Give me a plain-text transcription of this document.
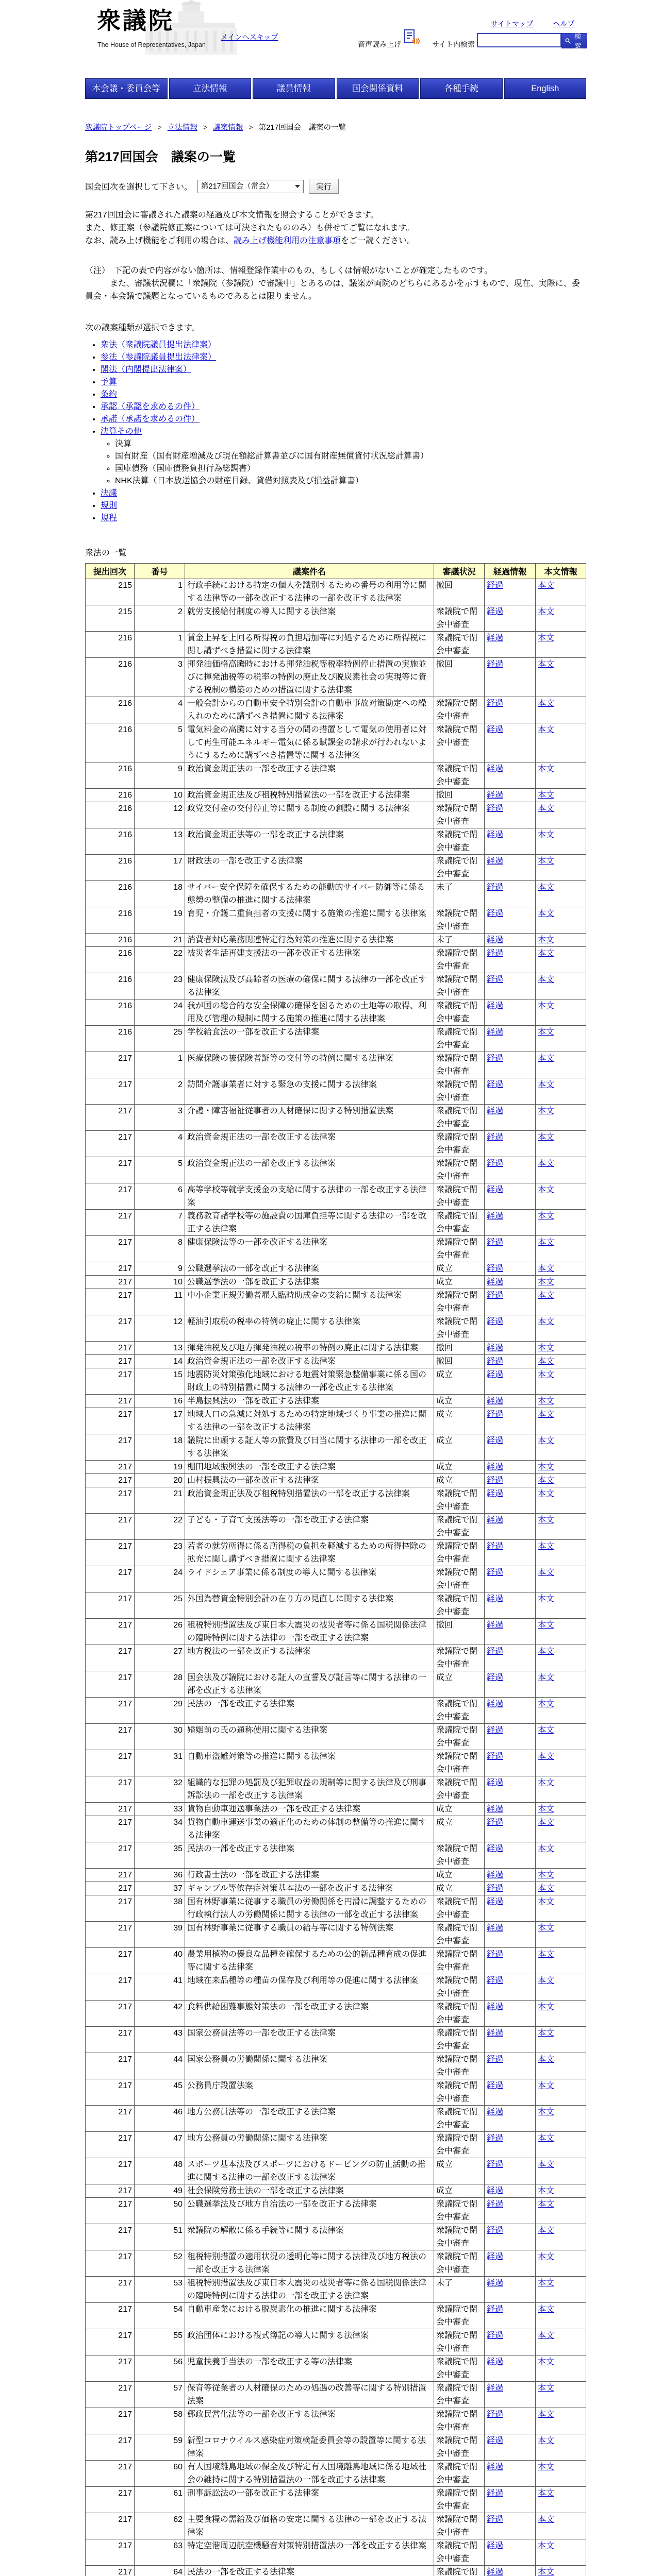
衆議院
The House of Representatives, Japan
メインへスキップ
サイトマップ	ヘルプ
音声読み上げ	サイト内検索
検索
本会議・委員会等	立法情報	議員情報	国会関係資料	各種手続	English
衆議院トップページ > 立法情報 > 議案情報 > 第217回国会　議案の一覧
第217回国会　議案の一覧
国会回次を選択して下さい。	第217回国会（常会）	実行

第217回国会に審議された議案の経過及び本文情報を照会することができます。
また、修正案（参議院修正案については可決されたもののみ）も併せてご覧になれます。
なお、読み上げ機能をご利用の場合は、読み上げ機能利用の注意事項をご一読ください。

（注）　下記の表で内容がない箇所は、情報登録作業中のもの、もしくは情報がないことが確定したものです。
　　　また、審議状況欄に「衆議院（参議院）で審議中」とあるのは、議案が両院のどちらにあるかを示すもので、現在、実際に、委員会・本会議で議題となっているものであるとは限りません。

次の議案種類が選択できます。

• 衆法（衆議院議員提出法律案）
• 参法（参議院議員提出法律案）
• 閣法（内閣提出法律案）
• 予算
• 条約
• 承認（承認を求めるの件）
• 承諾（承諾を求めるの件）
• 決算その他
◦ 決算
◦ 国有財産（国有財産増減及び現在額総計算書並びに国有財産無償貸付状況総計算書）
◦ 国庫債務（国庫債務負担行為総調書）
◦ NHK決算（日本放送協会の財産目録、貸借対照表及び損益計算書）
• 決議
• 規則
• 規程
衆法の一覧
提出回次	番号	議案件名	審議状況	経過情報	本文情報
215	1	行政手続における特定の個人を識別するための番号の利用等に関する法律等の一部を改正する法律の一部を改正する法律案	撤回	経過	本文
215	2	就労支援給付制度の導入に関する法律案	衆議院で閉会中審査	経過	本文
216	1	賃金上昇を上回る所得税の負担増加等に対処するために所得税に関し講ずべき措置に関する法律案	衆議院で閉会中審査	経過	本文
216	3	揮発油価格高騰時における揮発油税等税率特例停止措置の実施並びに揮発油税等の税率の特例の廃止及び脱炭素社会の実現等に資する税制の構築のための措置に関する法律案	撤回	経過	本文
216	4	一般会計からの自動車安全特別会計の自動車事故対策勘定への繰入れのために講ずべき措置に関する法律案	衆議院で閉会中審査	経過	本文
216	5	電気料金の高騰に対する当分の間の措置として電気の使用者に対して再生可能エネルギー電気に係る賦課金の請求が行われないようにするために講ずべき措置等に関する法律案	衆議院で閉会中審査	経過	本文
216	9	政治資金規正法の一部を改正する法律案	衆議院で閉会中審査	経過	本文
216	10	政治資金規正法及び租税特別措置法の一部を改正する法律案	撤回	経過	本文
216	12	政党交付金の交付停止等に関する制度の創設に関する法律案	衆議院で閉会中審査	経過	本文
216	13	政治資金規正法等の一部を改正する法律案	衆議院で閉会中審査	経過	本文
216	17	財政法の一部を改正する法律案	衆議院で閉会中審査	経過	本文
216	18	サイバー安全保障を確保するための能動的サイバー防御等に係る態勢の整備の推進に関する法律案	未了	経過	本文
216	19	育児・介護二重負担者の支援に関する施策の推進に関する法律案	衆議院で閉会中審査	経過	本文
216	21	消費者対応業務関連特定行為対策の推進に関する法律案	未了	経過	本文
216	22	被災者生活再建支援法の一部を改正する法律案	衆議院で閉会中審査	経過	本文
216	23	健康保険法及び高齢者の医療の確保に関する法律の一部を改正する法律案	衆議院で閉会中審査	経過	本文
216	24	我が国の総合的な安全保障の確保を図るための土地等の取得、利用及び管理の規制に関する施策の推進に関する法律案	衆議院で閉会中審査	経過	本文
216	25	学校給食法の一部を改正する法律案	衆議院で閉会中審査	経過	本文
217	1	医療保険の被保険者証等の交付等の特例に関する法律案	衆議院で閉会中審査	経過	本文
217	2	訪問介護事業者に対する緊急の支援に関する法律案	衆議院で閉会中審査	経過	本文
217	3	介護・障害福祉従事者の人材確保に関する特別措置法案	衆議院で閉会中審査	経過	本文
217	4	政治資金規正法の一部を改正する法律案	衆議院で閉会中審査	経過	本文
217	5	政治資金規正法の一部を改正する法律案	衆議院で閉会中審査	経過	本文
217	6	高等学校等就学支援金の支給に関する法律の一部を改正する法律案	衆議院で閉会中審査	経過	本文
217	7	義務教育諸学校等の施設費の国庫負担等に関する法律の一部を改正する法律案	衆議院で閉会中審査	経過	本文
217	8	健康保険法等の一部を改正する法律案	衆議院で閉会中審査	経過	本文
217	9	公職選挙法の一部を改正する法律案	成立	経過	本文
217	10	公職選挙法の一部を改正する法律案	成立	経過	本文
217	11	中小企業正規労働者雇入臨時助成金の支給に関する法律案	衆議院で閉会中審査	経過	本文
217	12	軽油引取税の税率の特例の廃止に関する法律案	衆議院で閉会中審査	経過	本文
217	13	揮発油税及び地方揮発油税の税率の特例の廃止に関する法律案	撤回	経過	本文
217	14	政治資金規正法の一部を改正する法律案	撤回	経過	本文
217	15	地震防災対策強化地域における地震対策緊急整備事業に係る国の財政上の特別措置に関する法律の一部を改正する法律案	成立	経過	本文
217	16	半島振興法の一部を改正する法律案	成立	経過	本文
217	17	地域人口の急減に対処するための特定地域づくり事業の推進に関する法律の一部を改正する法律案	成立	経過	本文
217	18	議院に出頭する証人等の旅費及び日当に関する法律の一部を改正する法律案	成立	経過	本文
217	19	棚田地域振興法の一部を改正する法律案	成立	経過	本文
217	20	山村振興法の一部を改正する法律案	成立	経過	本文
217	21	政治資金規正法及び租税特別措置法の一部を改正する法律案	衆議院で閉会中審査	経過	本文
217	22	子ども・子育て支援法等の一部を改正する法律案	衆議院で閉会中審査	経過	本文
217	23	若者の就労所得に係る所得税の負担を軽減するための所得控除の拡充に関し講ずべき措置に関する法律案	衆議院で閉会中審査	経過	本文
217	24	ライドシェア事業に係る制度の導入に関する法律案	衆議院で閉会中審査	経過	本文
217	25	外国為替資金特別会計の在り方の見直しに関する法律案	衆議院で閉会中審査	経過	本文
217	26	租税特別措置法及び東日本大震災の被災者等に係る国税関係法律の臨時特例に関する法律の一部を改正する法律案	撤回	経過	本文
217	27	地方税法の一部を改正する法律案	衆議院で閉会中審査	経過	本文
217	28	国会法及び議院における証人の宣誓及び証言等に関する法律の一部を改正する法律案	成立	経過	本文
217	29	民法の一部を改正する法律案	衆議院で閉会中審査	経過	本文
217	30	婚姻前の氏の通称使用に関する法律案	衆議院で閉会中審査	経過	本文
217	31	自動車盗難対策等の推進に関する法律案	衆議院で閉会中審査	経過	本文
217	32	組織的な犯罪の処罰及び犯罪収益の規制等に関する法律及び刑事訴訟法の一部を改正する法律案	衆議院で閉会中審査	経過	本文
217	33	貨物自動車運送事業法の一部を改正する法律案	成立	経過	本文
217	34	貨物自動車運送事業の適正化のための体制の整備等の推進に関する法律案	成立	経過	本文
217	35	民法の一部を改正する法律案	衆議院で閉会中審査	経過	本文
217	36	行政書士法の一部を改正する法律案	成立	経過	本文
217	37	ギャンブル等依存症対策基本法の一部を改正する法律案	成立	経過	本文
217	38	国有林野事業に従事する職員の労働関係を円滑に調整するための行政執行法人の労働関係に関する法律の一部を改正する法律案	衆議院で閉会中審査	経過	本文
217	39	国有林野事業に従事する職員の給与等に関する特例法案	衆議院で閉会中審査	経過	本文
217	40	農業用植物の優良な品種を確保するための公的新品種育成の促進等に関する法律案	衆議院で閉会中審査	経過	本文
217	41	地域在来品種等の種苗の保存及び利用等の促進に関する法律案	衆議院で閉会中審査	経過	本文
217	42	食料供給困難事態対策法の一部を改正する法律案	衆議院で閉会中審査	経過	本文
217	43	国家公務員法等の一部を改正する法律案	衆議院で閉会中審査	経過	本文
217	44	国家公務員の労働関係に関する法律案	衆議院で閉会中審査	経過	本文
217	45	公務員庁設置法案	衆議院で閉会中審査	経過	本文
217	46	地方公務員法等の一部を改正する法律案	衆議院で閉会中審査	経過	本文
217	47	地方公務員の労働関係に関する法律案	衆議院で閉会中審査	経過	本文
217	48	スポーツ基本法及びスポーツにおけるドーピングの防止活動の推進に関する法律の一部を改正する法律案	成立	経過	本文
217	49	社会保険労務士法の一部を改正する法律案	成立	経過	本文
217	50	公職選挙法及び地方自治法の一部を改正する法律案	衆議院で閉会中審査	経過	本文
217	51	衆議院の解散に係る手続等に関する法律案	衆議院で閉会中審査	経過	本文
217	52	租税特別措置の適用状況の透明化等に関する法律及び地方税法の一部を改正する法律案	衆議院で閉会中審査	経過	本文
217	53	租税特別措置法及び東日本大震災の被災者等に係る国税関係法律の臨時特例に関する法律の一部を改正する法律案	未了	経過	本文
217	54	自動車産業における脱炭素化の推進に関する法律案	衆議院で閉会中審査	経過	本文
217	55	政治団体における複式簿記の導入に関する法律案	衆議院で閉会中審査	経過	本文
217	56	児童扶養手当法の一部を改正する等の法律案	衆議院で閉会中審査	経過	本文
217	57	保育等従業者の人材確保のための処遇の改善等に関する特別措置法案	衆議院で閉会中審査	経過	本文
217	58	郵政民営化法等の一部を改正する法律案	衆議院で閉会中審査	経過	本文
217	59	新型コロナウイルス感染症対策検証委員会等の設置等に関する法律案	衆議院で閉会中審査	経過	本文
217	60	有人国境離島地域の保全及び特定有人国境離島地域に係る地域社会の維持に関する特別措置法の一部を改正する法律案	衆議院で閉会中審査	経過	本文
217	61	刑事訴訟法の一部を改正する法律案	衆議院で閉会中審査	経過	本文
217	62	主要食糧の需給及び価格の安定に関する法律の一部を改正する法律案	衆議院で閉会中審査	経過	本文
217	63	特定空港周辺航空機騒音対策特別措置法の一部を改正する法律案	衆議院で閉会中審査	経過	本文
217	64	民法の一部を改正する法律案	衆議院で閉	経過	本文
